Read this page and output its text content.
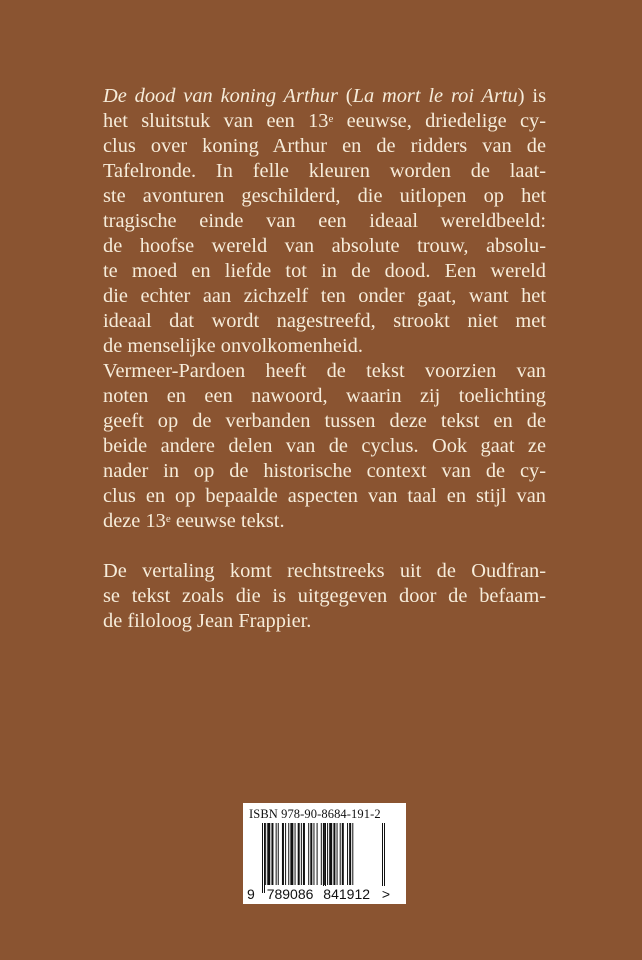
De dood van koning Arthur (La mort le roi Artu) is
het sluitstuk van een 13e eeuwse, driedelige cy-
clus over koning Arthur en de ridders van de
Tafelronde. In felle kleuren worden de laat-
ste avonturen geschilderd, die uitlopen op het
tragische einde van een ideaal wereldbeeld:
de hoofse wereld van absolute trouw, absolu-
te moed en liefde tot in de dood. Een wereld
die echter aan zichzelf ten onder gaat, want het
ideaal dat wordt nagestreefd, strookt niet met
de menselijke onvolkomenheid.
Vermeer-Pardoen heeft de tekst voorzien van
noten en een nawoord, waarin zij toelichting
geeft op de verbanden tussen deze tekst en de
beide andere delen van de cyclus. Ook gaat ze
nader in op de historische context van de cy-
clus en op bepaalde aspecten van taal en stijl van
deze 13e eeuwse tekst.
De vertaling komt rechtstreeks uit de Oudfran-
se tekst zoals die is uitgegeven door de befaam-
de filoloog Jean Frappier.
ISBN 978-90-8684-191-2
9 789086 841912 >
